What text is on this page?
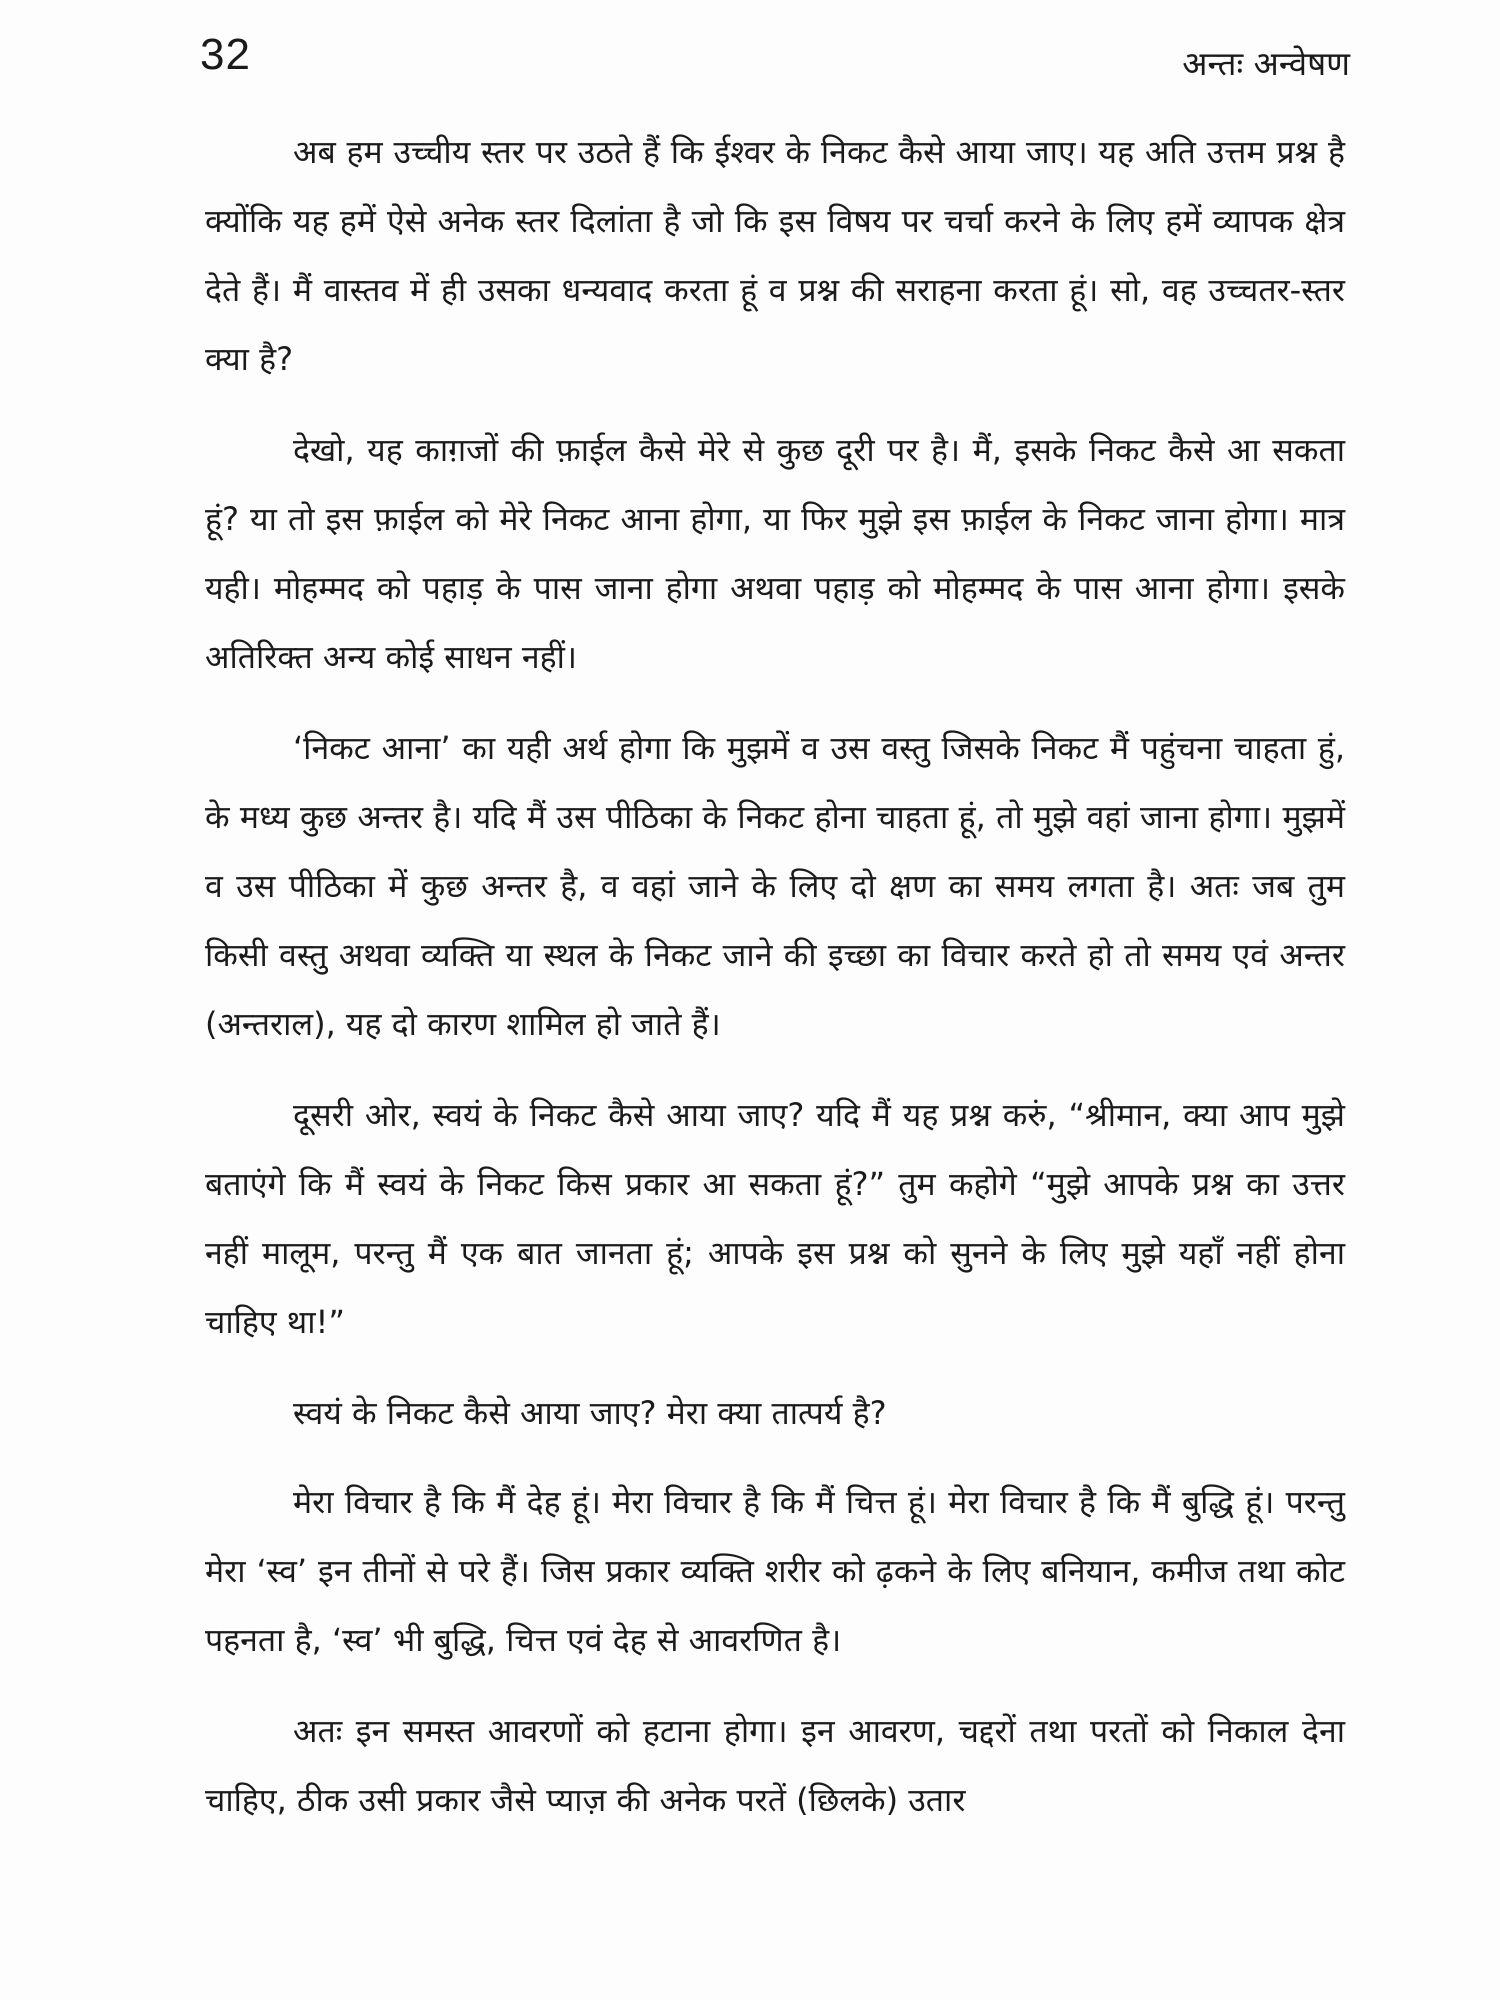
32	अन्तः अन्वेषण

अब हम उच्चीय स्तर पर उठते हैं कि ईश्वर के निकट कैसे आया जाए। यह अति उत्तम प्रश्न है क्योंकि यह हमें ऐसे अनेक स्तर दिलांता है जो कि इस विषय पर चर्चा करने के लिए हमें व्यापक क्षेत्र देते हैं। मैं वास्तव में ही उसका धन्यवाद करता हूं व प्रश्न की सराहना करता हूं। सो, वह उच्चतर-स्तर क्या है?

देखो, यह काग़जों की फ़ाईल कैसे मेरे से कुछ दूरी पर है। मैं, इसके निकट कैसे आ सकता हूं? या तो इस फ़ाईल को मेरे निकट आना होगा, या फिर मुझे इस फ़ाईल के निकट जाना होगा। मात्र यही। मोहम्मद को पहाड़ के पास जाना होगा अथवा पहाड़ को मोहम्मद के पास आना होगा। इसके अतिरिक्त अन्य कोई साधन नहीं।

‘निकट आना’ का यही अर्थ होगा कि मुझमें व उस वस्तु जिसके निकट मैं पहुंचना चाहता हुं, के मध्य कुछ अन्तर है। यदि मैं उस पीठिका के निकट होना चाहता हूं, तो मुझे वहां जाना होगा। मुझमें व उस पीठिका में कुछ अन्तर है, व वहां जाने के लिए दो क्षण का समय लगता है। अतः जब तुम किसी वस्तु अथवा व्यक्ति या स्थल के निकट जाने की इच्छा का विचार करते हो तो समय एवं अन्तर (अन्तराल), यह दो कारण शामिल हो जाते हैं।

दूसरी ओर, स्वयं के निकट कैसे आया जाए? यदि मैं यह प्रश्न करुं, “श्रीमान, क्या आप मुझे बताएंगे कि मैं स्वयं के निकट किस प्रकार आ सकता हूं?” तुम कहोगे “मुझे आपके प्रश्न का उत्तर नहीं मालूम, परन्तु मैं एक बात जानता हूं; आपके इस प्रश्न को सुनने के लिए मुझे यहाँ नहीं होना चाहिए था!”

स्वयं के निकट कैसे आया जाए? मेरा क्या तात्पर्य है?

मेरा विचार है कि मैं देह हूं। मेरा विचार है कि मैं चित्त हूं। मेरा विचार है कि मैं बुद्धि हूं। परन्तु मेरा ‘स्व’ इन तीनों से परे हैं। जिस प्रकार व्यक्ति शरीर को ढ़कने के लिए बनियान, कमीज तथा कोट पहनता है, ‘स्व’ भी बुद्धि, चित्त एवं देह से आवरणित है।

अतः इन समस्त आवरणों को हटाना होगा। इन आवरण, चद्दरों तथा परतों को निकाल देना चाहिए, ठीक उसी प्रकार जैसे प्याज़ की अनेक परतें (छिलके) उतार
